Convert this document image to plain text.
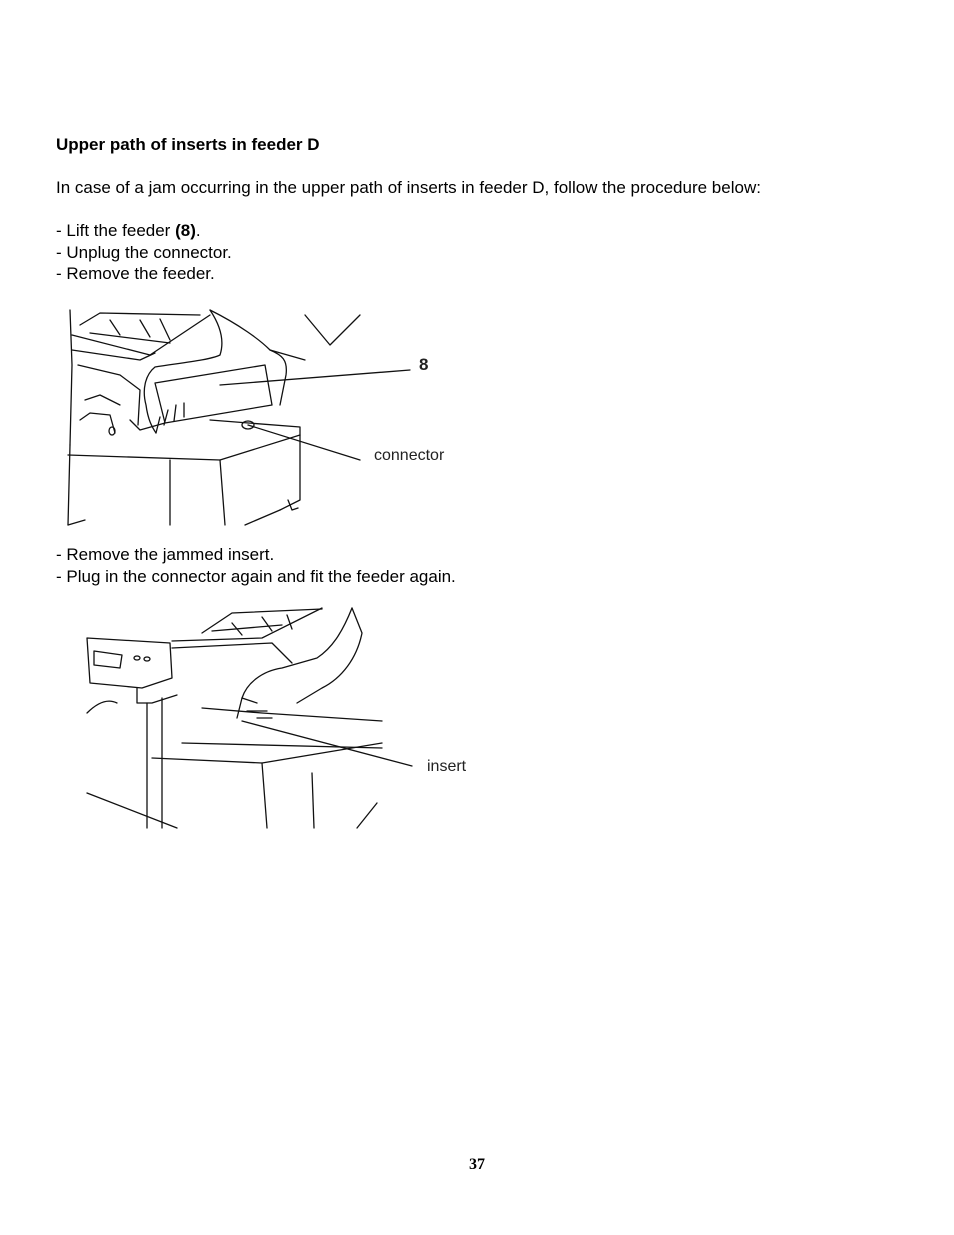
Upper path of inserts in feeder D

In case of a jam occurring in the upper path of inserts in feeder D, follow the procedure below:

- Lift the feeder (8).
- Unplug the connector.
- Remove the feeder.
8
connector
- Remove the jammed insert.
- Plug in the connector again and fit the feeder again.
insert
37
